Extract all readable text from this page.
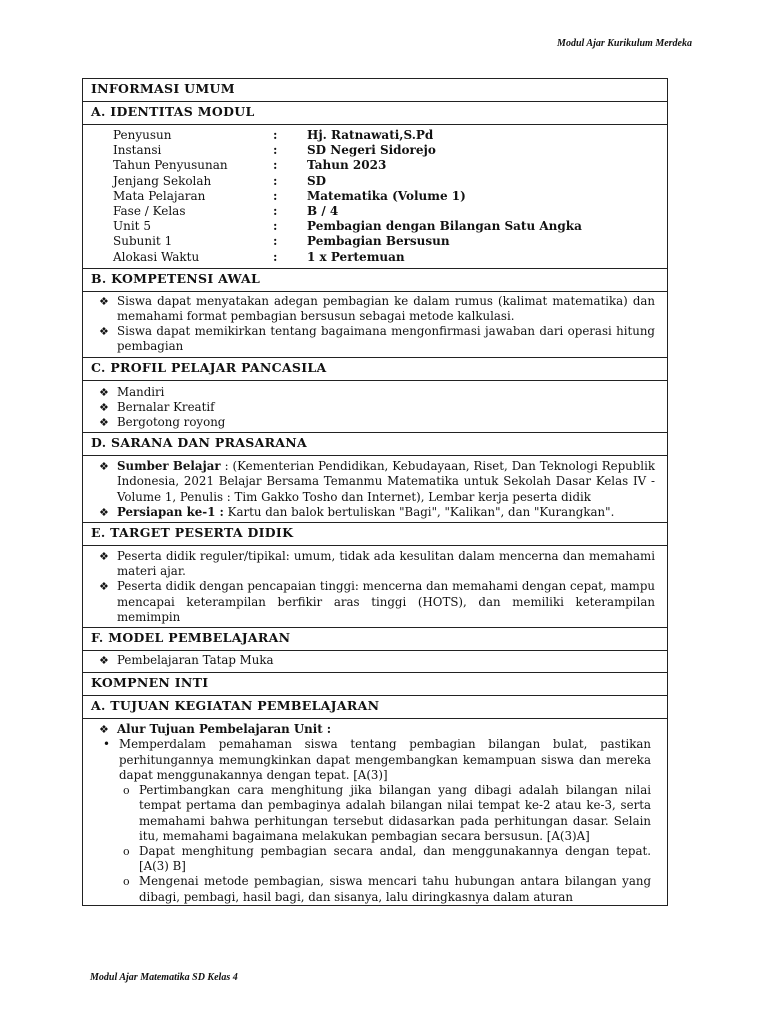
Modul Ajar Kurikulum Merdeka
INFORMASI UMUM
A. IDENTITAS MODUL

Penyusun	:	Hj. Ratnawati,S.Pd
Instansi	:	SD Negeri Sidorejo
Tahun Penyusunan	:	Tahun 2023
Jenjang Sekolah	:	SD
Mata Pelajaran	:	Matematika (Volume 1)
Fase / Kelas	:	B / 4
Unit 5	:	Pembagian dengan Bilangan Satu Angka
Subunit 1	:	Pembagian Bersusun
Alokasi Waktu	:	1 x Pertemuan

B. KOMPETENSI AWAL

❖ Siswa dapat menyatakan adegan pembagian ke dalam rumus (kalimat matematika) dan memahami format pembagian bersusun sebagai metode kalkulasi.
❖ Siswa dapat memikirkan tentang bagaimana mengonfirmasi jawaban dari operasi hitung pembagian

C. PROFIL PELAJAR PANCASILA

❖ Mandiri
❖ Bernalar Kreatif
❖ Bergotong royong

D. SARANA DAN PRASARANA

❖ Sumber Belajar : (Kementerian Pendidikan, Kebudayaan, Riset, Dan Teknologi Republik Indonesia, 2021 Belajar Bersama Temanmu Matematika untuk Sekolah Dasar Kelas IV - Volume 1, Penulis : Tim Gakko Tosho dan Internet), Lembar kerja peserta didik
❖ Persiapan ke-1 : Kartu dan balok bertuliskan "Bagi", "Kalikan", dan "Kurangkan".

E. TARGET PESERTA DIDIK

❖ Peserta didik reguler/tipikal: umum, tidak ada kesulitan dalam mencerna dan memahami materi ajar.
❖ Peserta didik dengan pencapaian tinggi: mencerna dan memahami dengan cepat, mampu mencapai keterampilan berfikir aras tinggi (HOTS), dan memiliki keterampilan memimpin

F. MODEL PEMBELAJARAN

❖ Pembelajaran Tatap Muka

KOMPNEN INTI
A. TUJUAN KEGIATAN PEMBELAJARAN

❖ Alur Tujuan Pembelajaran Unit :
• Memperdalam pemahaman siswa tentang pembagian bilangan bulat, pastikan perhitungannya memungkinkan dapat mengembangkan kemampuan siswa dan mereka dapat menggunakannya dengan tepat. [A(3)]
o Pertimbangkan cara menghitung jika bilangan yang dibagi adalah bilangan nilai tempat pertama dan pembaginya adalah bilangan nilai tempat ke-2 atau ke-3, serta memahami bahwa perhitungan tersebut didasarkan pada perhitungan dasar. Selain itu, memahami bagaimana melakukan pembagian secara bersusun. [A(3)A]
o Dapat menghitung pembagian secara andal, dan menggunakannya dengan tepat. [A(3) B]
o Mengenai metode pembagian, siswa mencari tahu hubungan antara bilangan yang dibagi, pembagi, hasil bagi, dan sisanya, lalu diringkasnya dalam aturan
Modul Ajar Matematika SD Kelas 4
